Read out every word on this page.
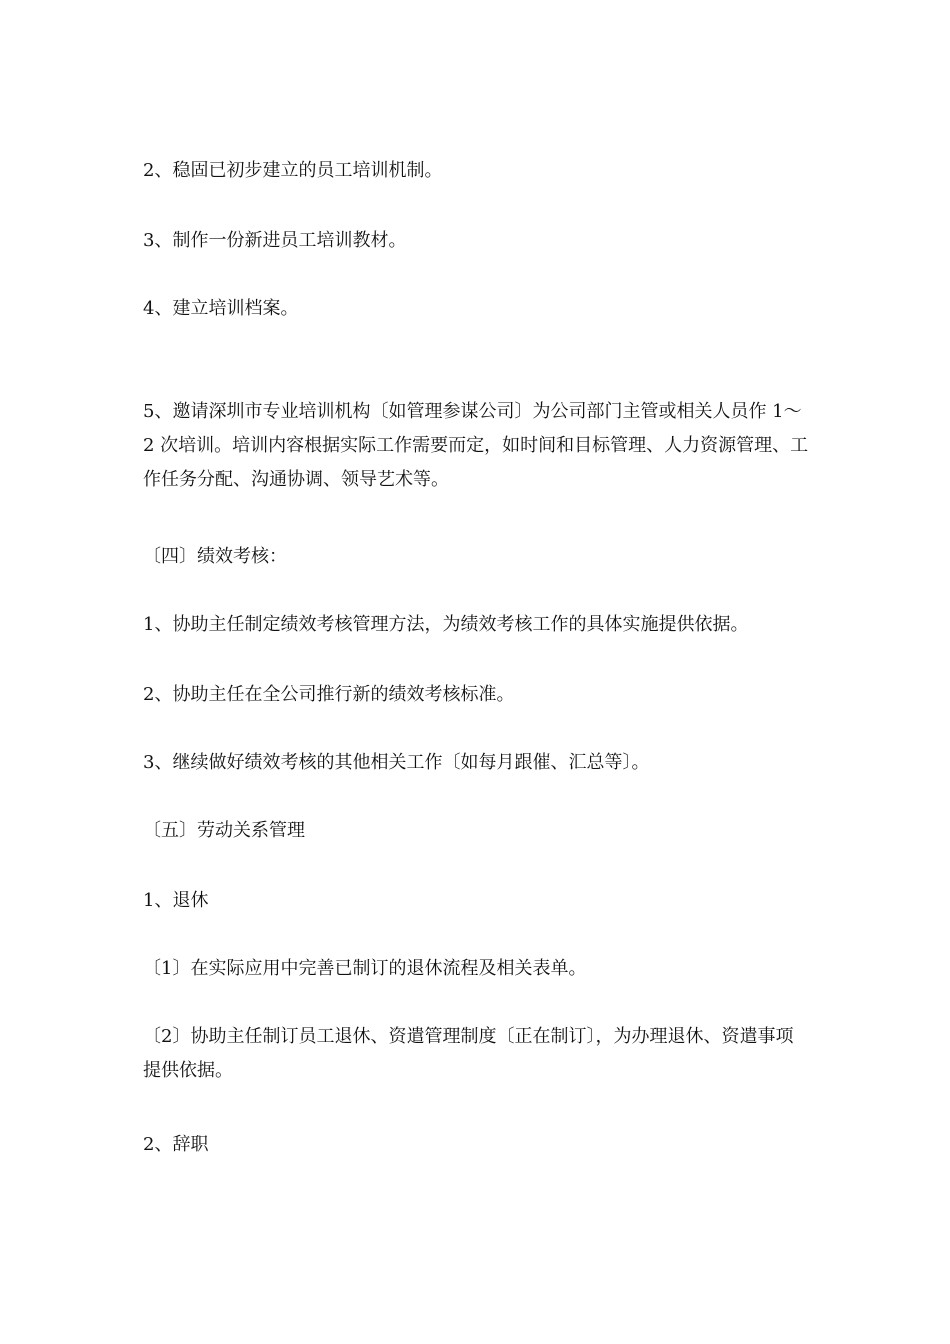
2、稳固已初步建立的员工培训机制。

3、制作一份新进员工培训教材。

4、建立培训档案。

5、邀请深圳市专业培训机构〔如管理参谋公司〕为公司部门主管或相关人员作 1～2 次培训。培训内容根据实际工作需要而定，如时间和目标管理、人力资源管理、工作任务分配、沟通协调、领导艺术等。

〔四〕绩效考核：

1、协助主任制定绩效考核管理方法，为绩效考核工作的具体实施提供依据。

2、协助主任在全公司推行新的绩效考核标准。

3、继续做好绩效考核的其他相关工作〔如每月跟催、汇总等〕。

〔五〕劳动关系管理

1、退休

〔1〕在实际应用中完善已制订的退休流程及相关表单。

〔2〕协助主任制订员工退休、资遣管理制度〔正在制订〕，为办理退休、资遣事项提供依据。

2、辞职
